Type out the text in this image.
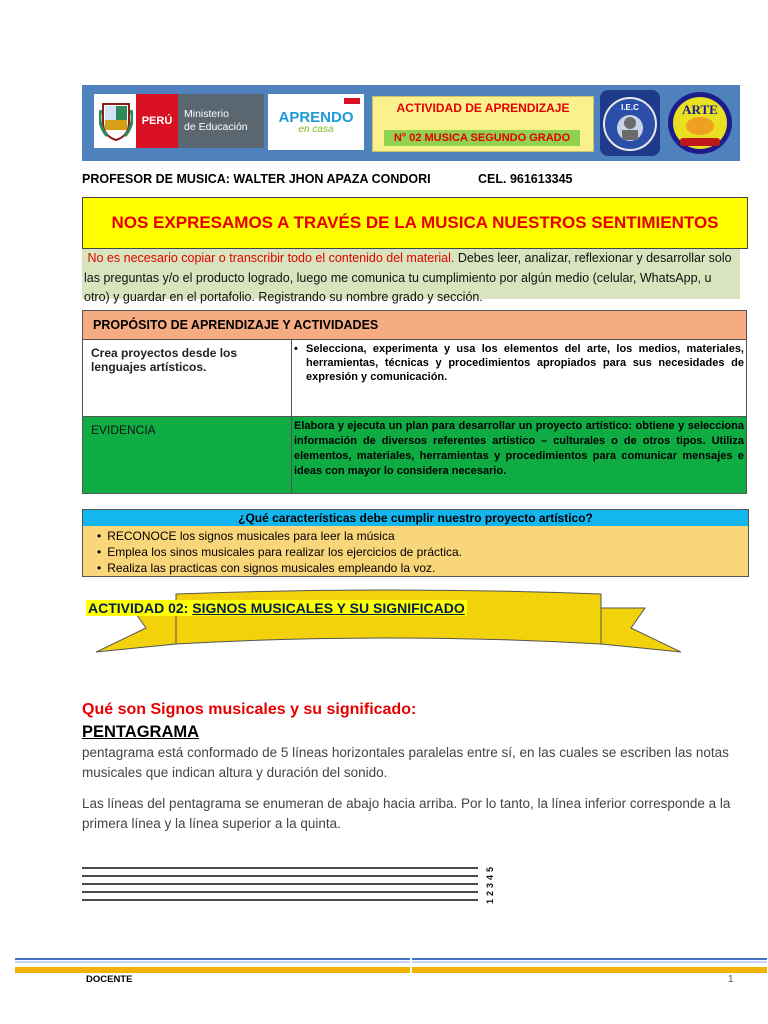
PERÚ
Ministerio
de Educación
APRENDO
en casa
ACTIVIDAD DE APRENDIZAJE
N° 02 MUSICA SEGUNDO GRADO
I.E.C	ARTE
PROFESOR DE MUSICA: WALTER JHON APAZA CONDORI	CEL. 961613345
NOS EXPRESAMOS A TRAVÉS DE LA MUSICA NUESTROS SENTIMIENTOS
No es necesario copiar o transcribir todo el contenido del material. Debes leer, analizar, reflexionar y desarrollar solo las preguntas y/o el producto logrado, luego me comunica tu cumplimiento por algún medio (celular, WhatsApp, u otro) y guardar en el portafolio. Registrando su nombre grado y sección.
PROPÓSITO DE APRENDIZAJE Y ACTIVIDADES	
Crea proyectos desde los lenguajes artísticos.	• Selecciona, experimenta y usa los elementos del arte, los medios, materiales, herramientas, técnicas y procedimientos apropiados para sus necesidades de expresión y comunicación.

EVIDENCIA	Elabora y ejecuta un plan para desarrollar un proyecto artístico: obtiene y selecciona información de diversos referentes artístico – culturales o de otros tipos. Utiliza elementos, materiales, herramientas y procedimientos para comunicar mensajes e ideas con mayor lo considera necesario.
¿Qué características debe cumplir nuestro proyecto artístico?
• RECONOCE los signos musicales para leer la música
• Emplea los sinos musicales para realizar los ejercicios de práctica.
• Realiza las practicas con signos musicales empleando la voz.
ACTIVIDAD 02: SIGNOS MUSICALES Y SU SIGNIFICADO
Qué son Signos musicales y su significado:
PENTAGRAMA
pentagrama está conformado de 5 líneas horizontales paralelas entre sí, en las cuales se escriben las notas musicales que indican altura y duración del sonido.
Las líneas del pentagrama se enumeran de abajo hacia arriba. Por lo tanto, la línea inferior corresponde a la primera línea y la línea superior a la quinta.
1
2
3
4
5
DOCENTE	1
